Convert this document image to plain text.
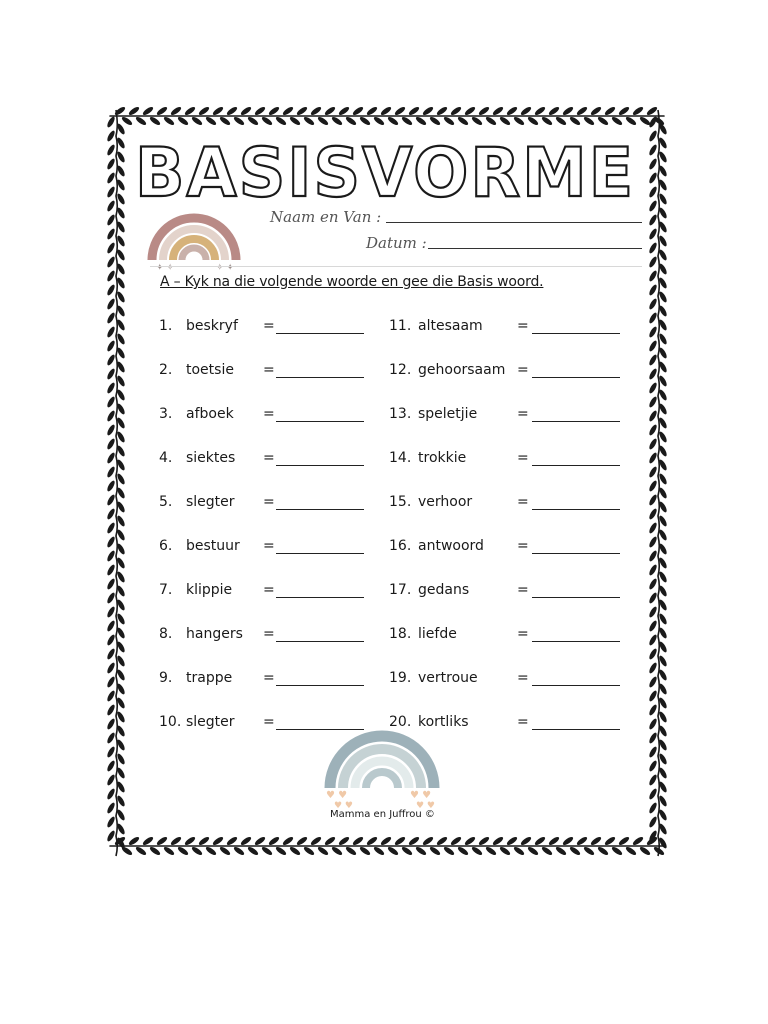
BASISVORME
✦ ✧	✧ ✦
Naam en Van :
Datum :
A – Kyk na die volgende woorde en gee die Basis woord.
1. beskryf =
2. toetsie =
3. afboek =
4. siektes =
5. slegter =
6. bestuur =
7. klippie =
8. hangers =
9. trappe =
10. slegter =
11. altesaam =
12. gehoorsaam =
13. speletjie	=
14. trokkie	=
15. verhoor	=
16. antwoord =
17. gedans	=
18. liefde	=
19. vertroue	=
20. kortliks	=
♥ ♥
♥ ♥
♥ ♥
♥ ♥
Mamma en Juffrou ©
